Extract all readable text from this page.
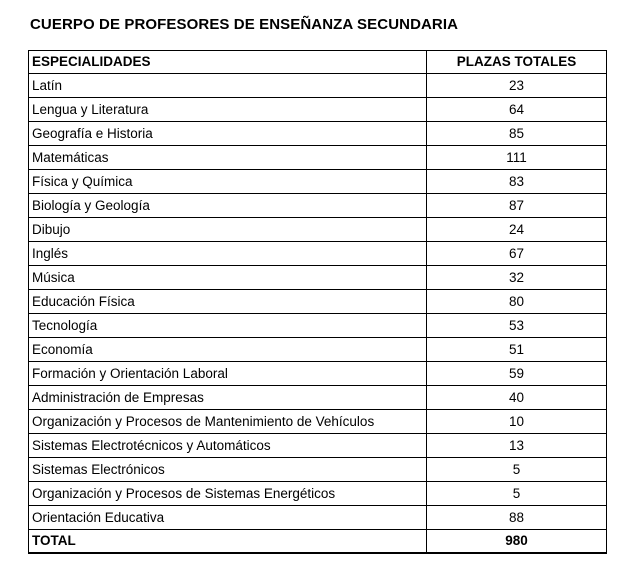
CUERPO DE PROFESORES DE ENSEÑANZA SECUNDARIA
ESPECIALIDADES	PLAZAS TOTALES
Latín	23
Lengua y Literatura	64
Geografía e Historia	85
Matemáticas	111
Física y Química	83
Biología y Geología	87
Dibujo	24
Inglés	67
Música	32
Educación Física	80
Tecnología	53
Economía	51
Formación y Orientación Laboral	59
Administración de Empresas	40
Organización y Procesos de Mantenimiento de Vehículos	10
Sistemas Electrotécnicos y Automáticos	13
Sistemas Electrónicos	5
Organización y Procesos de Sistemas Energéticos	5
Orientación Educativa	88
TOTAL	980
